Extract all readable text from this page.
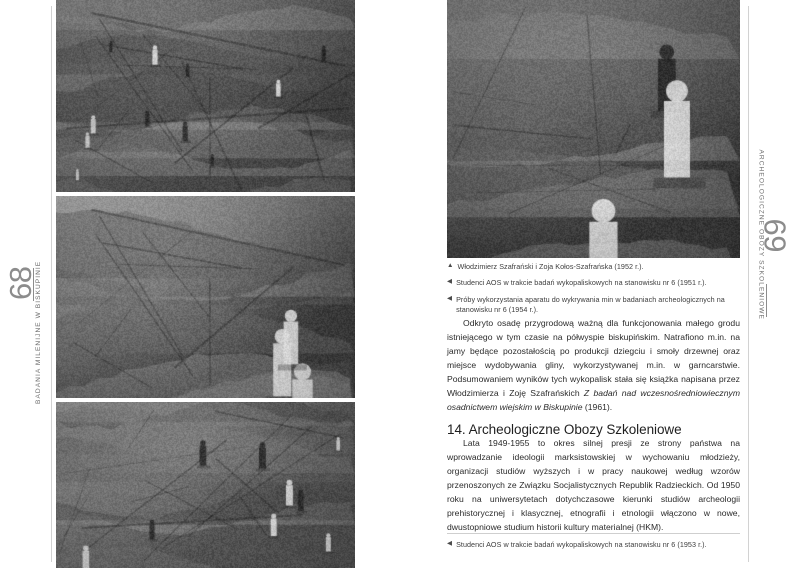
68
BADANIA MILENIJNE W BISKUPINIE
69
ARCHEOLOGICZNE OBOZY SZKOLENIOWE
▲ Włodzimierz Szafrański i Zoja Kołos-Szafrańska (1952 r.).
◀ Studenci AOS w trakcie badań wykopaliskowych na stanowisku nr 6 (1951 r.).
◀ Próby wykorzystania aparatu do wykrywania min w badaniach archeologicznych na stanowisku nr 6 (1954 r.).
Odkryto osadę przygrodową ważną dla funkcjonowania małego grodu istniejącego w tym czasie na półwyspie biskupińskim. Natrafiono m.in. na jamy będące pozostałością po produkcji dziegciu i smoły drzewnej oraz miejsce wydobywania gliny, wykorzystywanej m.in. w garncarstwie. Podsumowaniem wyników tych wykopalisk stała się książka napisana przez Włodzimierza i Zoję Szafrańskich Z badań nad wczesnośredniowiecznym osadnictwem wiejskim w Biskupinie (1961).
14. Archeologiczne Obozy Szkoleniowe
Lata 1949-1955 to okres silnej presji ze strony państwa na wprowadzanie ideologii marksistowskiej w wychowaniu młodzieży, organizacji studiów wyższych i w pracy naukowej według wzorów przenoszonych ze Związku Socjalistycznych Republik Radzieckich. Od 1950 roku na uniwersytetach dotychczasowe kierunki studiów archeologii prehistorycznej i klasycznej, etnografii i etnologii włączono w nowe, dwustopniowe studium historii kultury materialnej (HKM).
◀ Studenci AOS w trakcie badań wykopaliskowych na stanowisku nr 6 (1953 r.).
